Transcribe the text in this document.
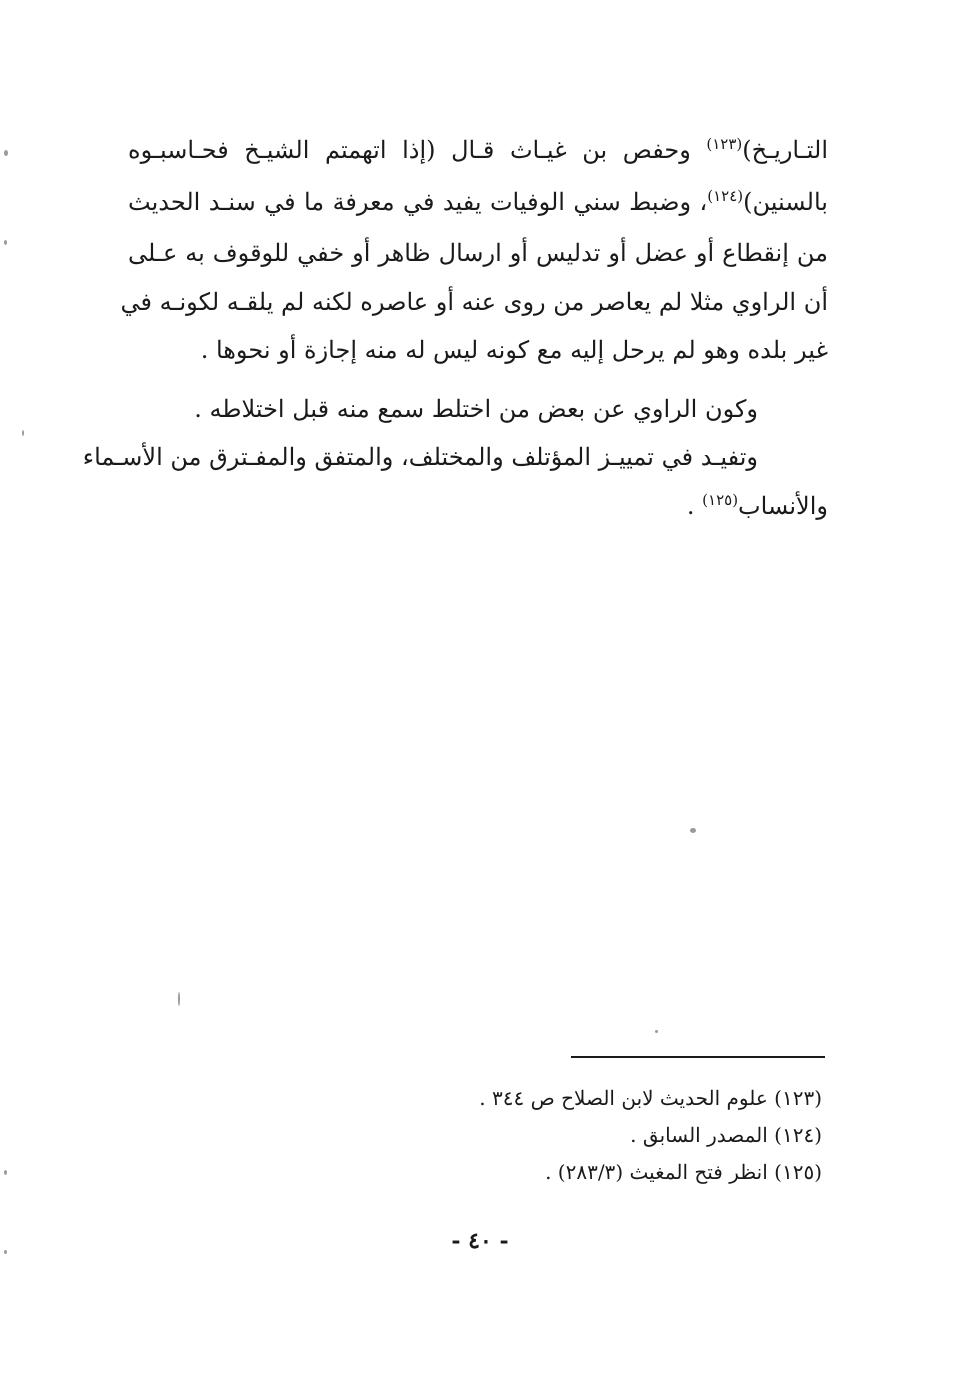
التـاريـخ)$^{(١٢٣)}$ وحفص بن غيـاث قـال (إذا اتهمتم الشيـخ فحـاسبـوه
بالسنين)$^{(١٢٤)}$، وضبط سني الوفيات يفيد في معرفة ما في سنـد الحديث
من إنقطاع أو عضل أو تدليس أو ارسال ظاهر أو خفي للوقوف به عـلى
أن الراوي مثلا لم يعاصر من روى عنه أو عاصره لكنه لم يلقـه لكونـه في
غير بلده وهو لم يرحل إليه مع كونه ليس له منه إجازة أو نحوها .

وكون الراوي عن بعض من اختلط سمع منه قبل اختلاطه .

وتفيـد في تمييـز المؤتلف والمختلف، والمتفق والمفـترق من الأسـماء
والأنساب$^{(١٢٥)}$ .

(١٢٣) علوم الحديث لابن الصلاح ص ٣٤٤ .
(١٢٤) المصدر السابق .
(١٢٥) انظر فتح المغيث (٢٨٣/٣) .
- ٤٠ -
